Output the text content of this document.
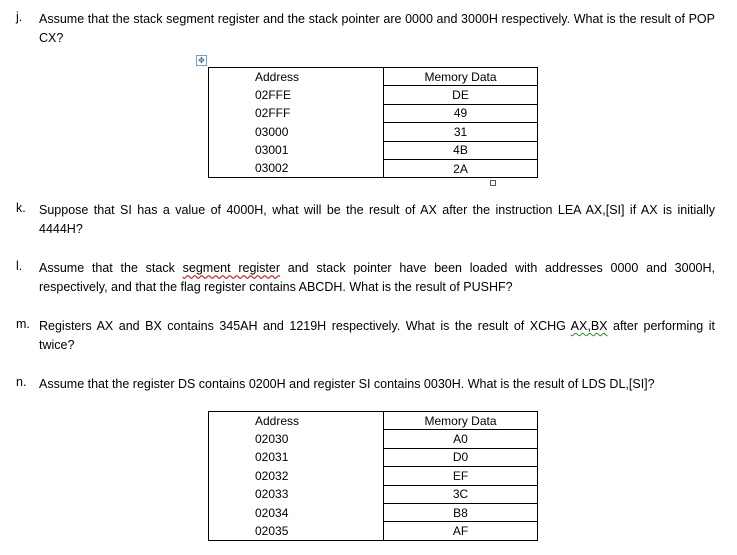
j. Assume that the stack segment register and the stack pointer are 0000 and 3000H respectively. What is the result of POP CX?
✥
Address	Memory Data
02FFE	DE
02FFF	49
03000	31
03001	4B
03002	2A
k. Suppose that SI has a value of 4000H, what will be the result of AX after the instruction LEA AX,[SI] if AX is initially 4444H?
l. Assume that the stack segment register and stack pointer have been loaded with addresses 0000 and 3000H, respectively, and that the flag register contains ABCDH. What is the result of PUSHF?
m. Registers AX and BX contains 345AH and 1219H respectively. What is the result of XCHG AX,BX after performing it twice?
n. Assume that the register DS contains 0200H and register SI contains 0030H. What is the result of LDS DL,[SI]?
Address	Memory Data
02030	A0
02031	D0
02032	EF
02033	3C
02034	B8
02035	AF
